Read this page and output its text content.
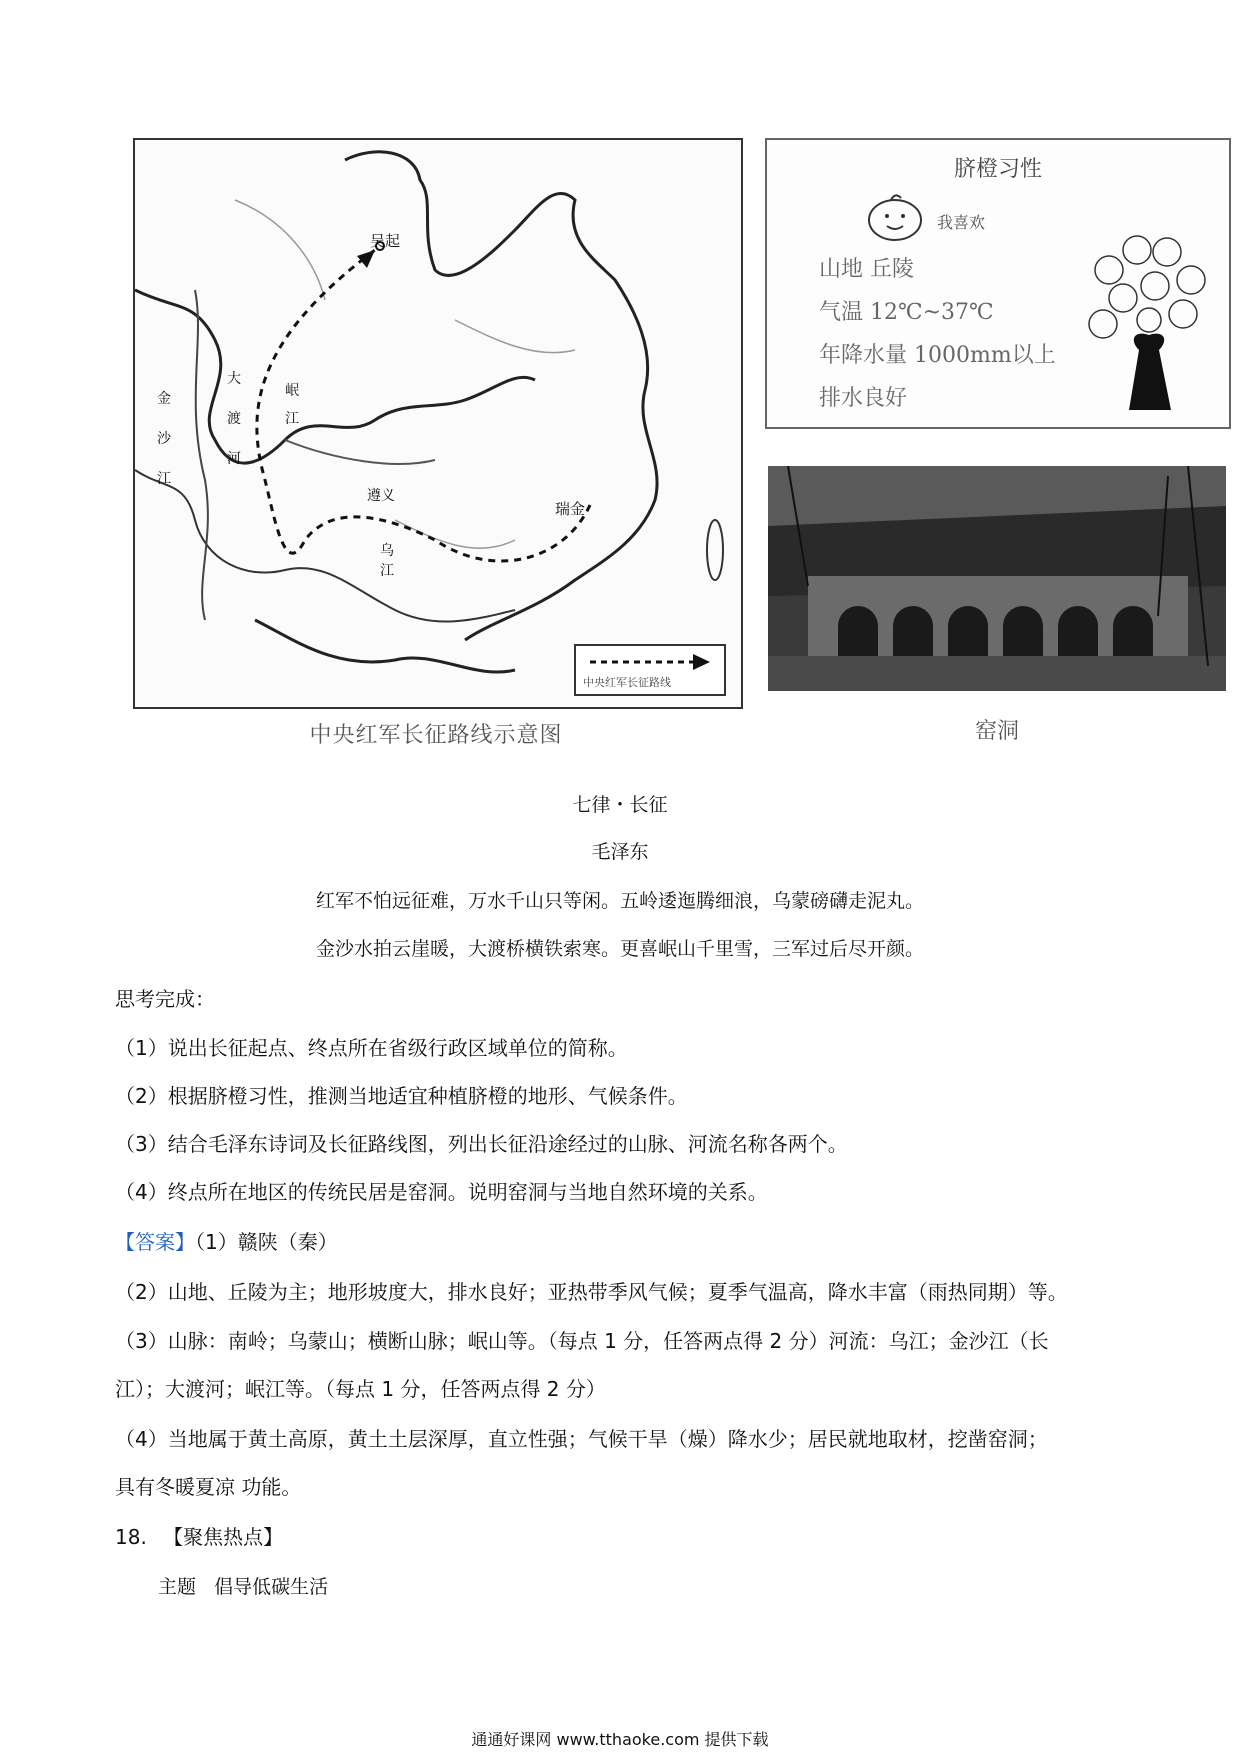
吴起
瑞金
遵义
大
渡
河
金
沙
江
岷
江
乌
江
中央红军长征路线
中央红军长征路线示意图
脐橙习性
我喜欢
山地 丘陵
气温 12℃~37℃
年降水量 1000mm以上
排水良好
窑洞
七律・长征
毛泽东
红军不怕远征难，万水千山只等闲。五岭逶迤腾细浪，乌蒙磅礴走泥丸。
金沙水拍云崖暖，大渡桥横铁索寒。更喜岷山千里雪，三军过后尽开颜。
思考完成：
（1）说出长征起点、终点所在省级行政区域单位的简称。
（2）根据脐橙习性，推测当地适宜种植脐橙的地形、气候条件。
（3）结合毛泽东诗词及长征路线图，列出长征沿途经过的山脉、河流名称各两个。
（4）终点所在地区的传统民居是窑洞。说明窑洞与当地自然环境的关系。
【答案】（1）赣陕（秦）
（2）山地、丘陵为主；地形坡度大，排水良好；亚热带季风气候；夏季气温高，降水丰富（雨热同期）等。
（3）山脉：南岭；乌蒙山；横断山脉；岷山等。（每点 1 分，任答两点得 2 分）河流：乌江；金沙江（长
江）；大渡河；岷江等。（每点 1 分，任答两点得 2 分）
（4）当地属于黄土高原，黄土土层深厚，直立性强；气候干旱（燥）降水少；居民就地取材，挖凿窑洞；
具有冬暖夏凉 功能。
18. 【聚焦热点】
主题   倡导低碳生活
通通好课网 www.tthaoke.com 提供下载
